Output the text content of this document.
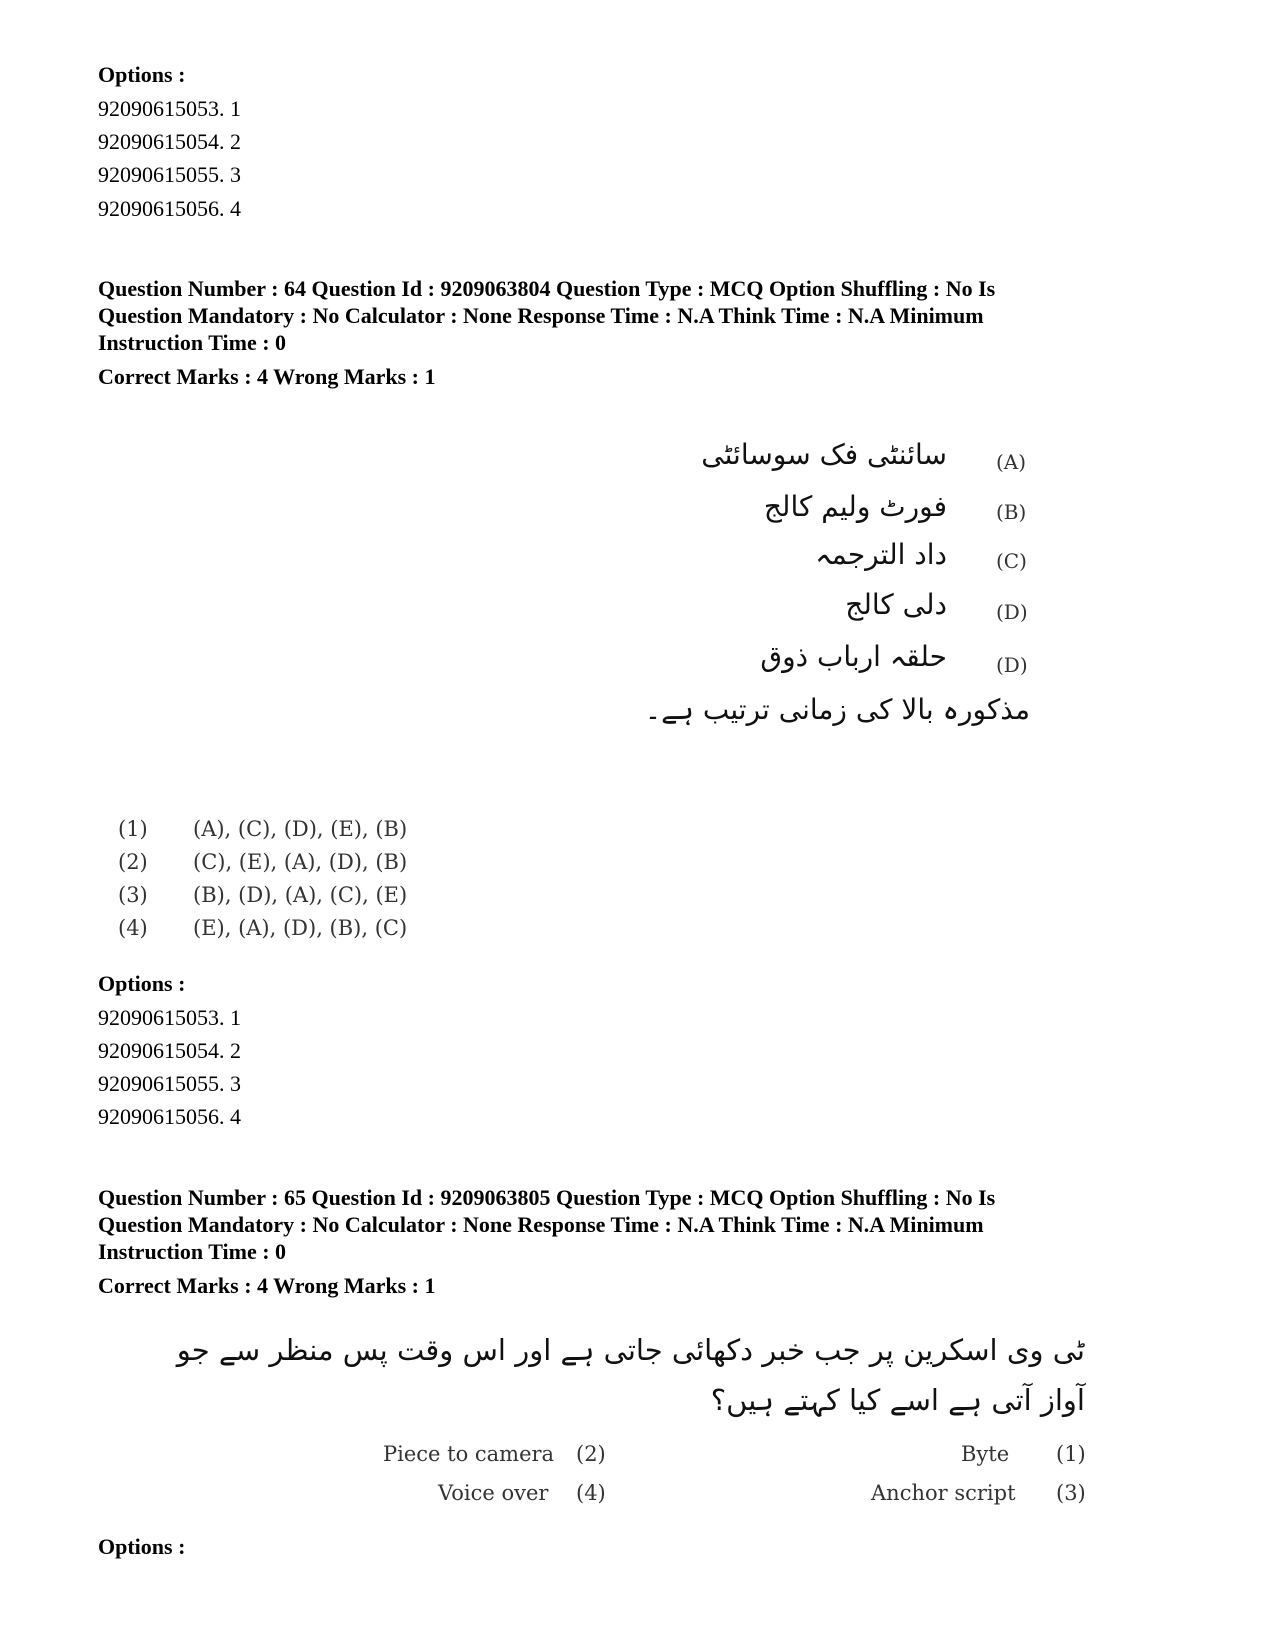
Options :
92090615053. 1
92090615054. 2
92090615055. 3
92090615056. 4
Question Number : 64 Question Id : 9209063804 Question Type : MCQ Option Shuffling : No Is
Question Mandatory : No Calculator : None Response Time : N.A Think Time : N.A Minimum
Instruction Time : 0
Correct Marks : 4 Wrong Marks : 1
سائنٹی فک سوسائٹی (A)
فورٹ ولیم کالج (B)
داد الترجمہ (C)
دلی کالج (D)
حلقہ ارباب ذوق (D)
مذکورہ بالا کی زمانی ترتیب ہے۔
(1) (A), (C), (D), (E), (B)
(2) (C), (E), (A), (D), (B)
(3) (B), (D), (A), (C), (E)
(4) (E), (A), (D), (B), (C)
Options :
92090615053. 1
92090615054. 2
92090615055. 3
92090615056. 4
Question Number : 65 Question Id : 9209063805 Question Type : MCQ Option Shuffling : No Is
Question Mandatory : No Calculator : None Response Time : N.A Think Time : N.A Minimum
Instruction Time : 0
Correct Marks : 4 Wrong Marks : 1
ٹی وی اسکرین پر جب خبر دکھائی جاتی ہے اور اس وقت پس منظر سے جو
آواز آتی ہے اسے کیا کہتے ہیں؟
Piece to camera (2)	Byte (1)
Voice over (4)	Anchor script (3)
Options :
